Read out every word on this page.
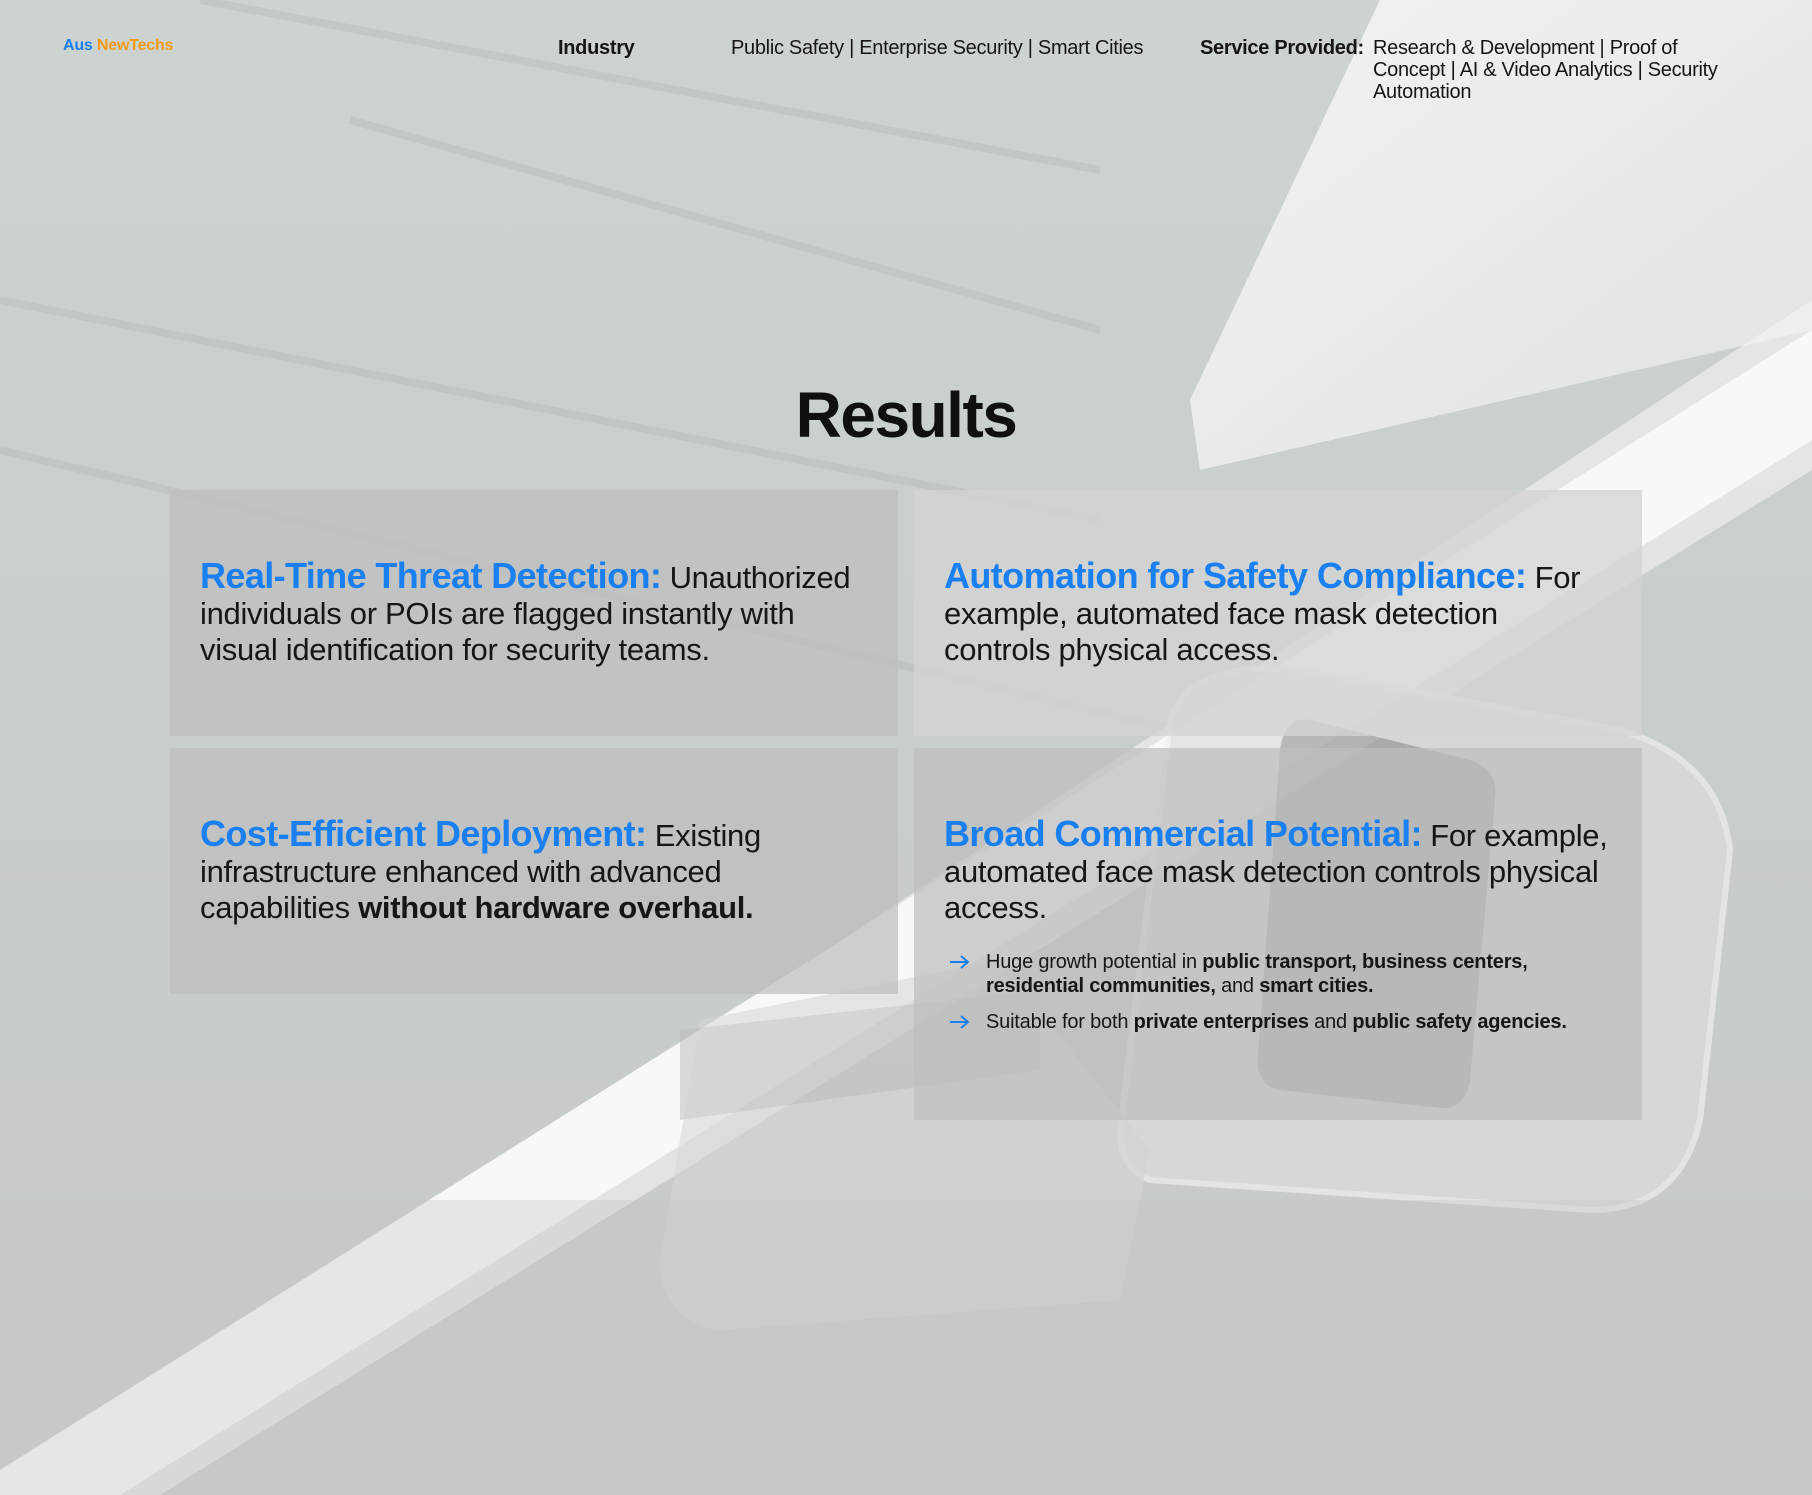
Aus NewTechs	Industry	Public Safety | Enterprise Security | Smart Cities	Service Provided: Research & Development | Proof of Concept | AI & Video Analytics | Security Automation
Results
Real-Time Threat Detection: Unauthorized individuals or POIs are flagged instantly with visual identification for security teams.
Automation for Safety Compliance: For example, automated face mask detection controls physical access.
Cost-Efficient Deployment: Existing infrastructure enhanced with advanced capabilities without hardware overhaul.
Broad Commercial Potential: For example, automated face mask detection controls physical access.
Huge growth potential in public transport, business centers, residential communities, and smart cities.
Suitable for both private enterprises and public safety agencies.
